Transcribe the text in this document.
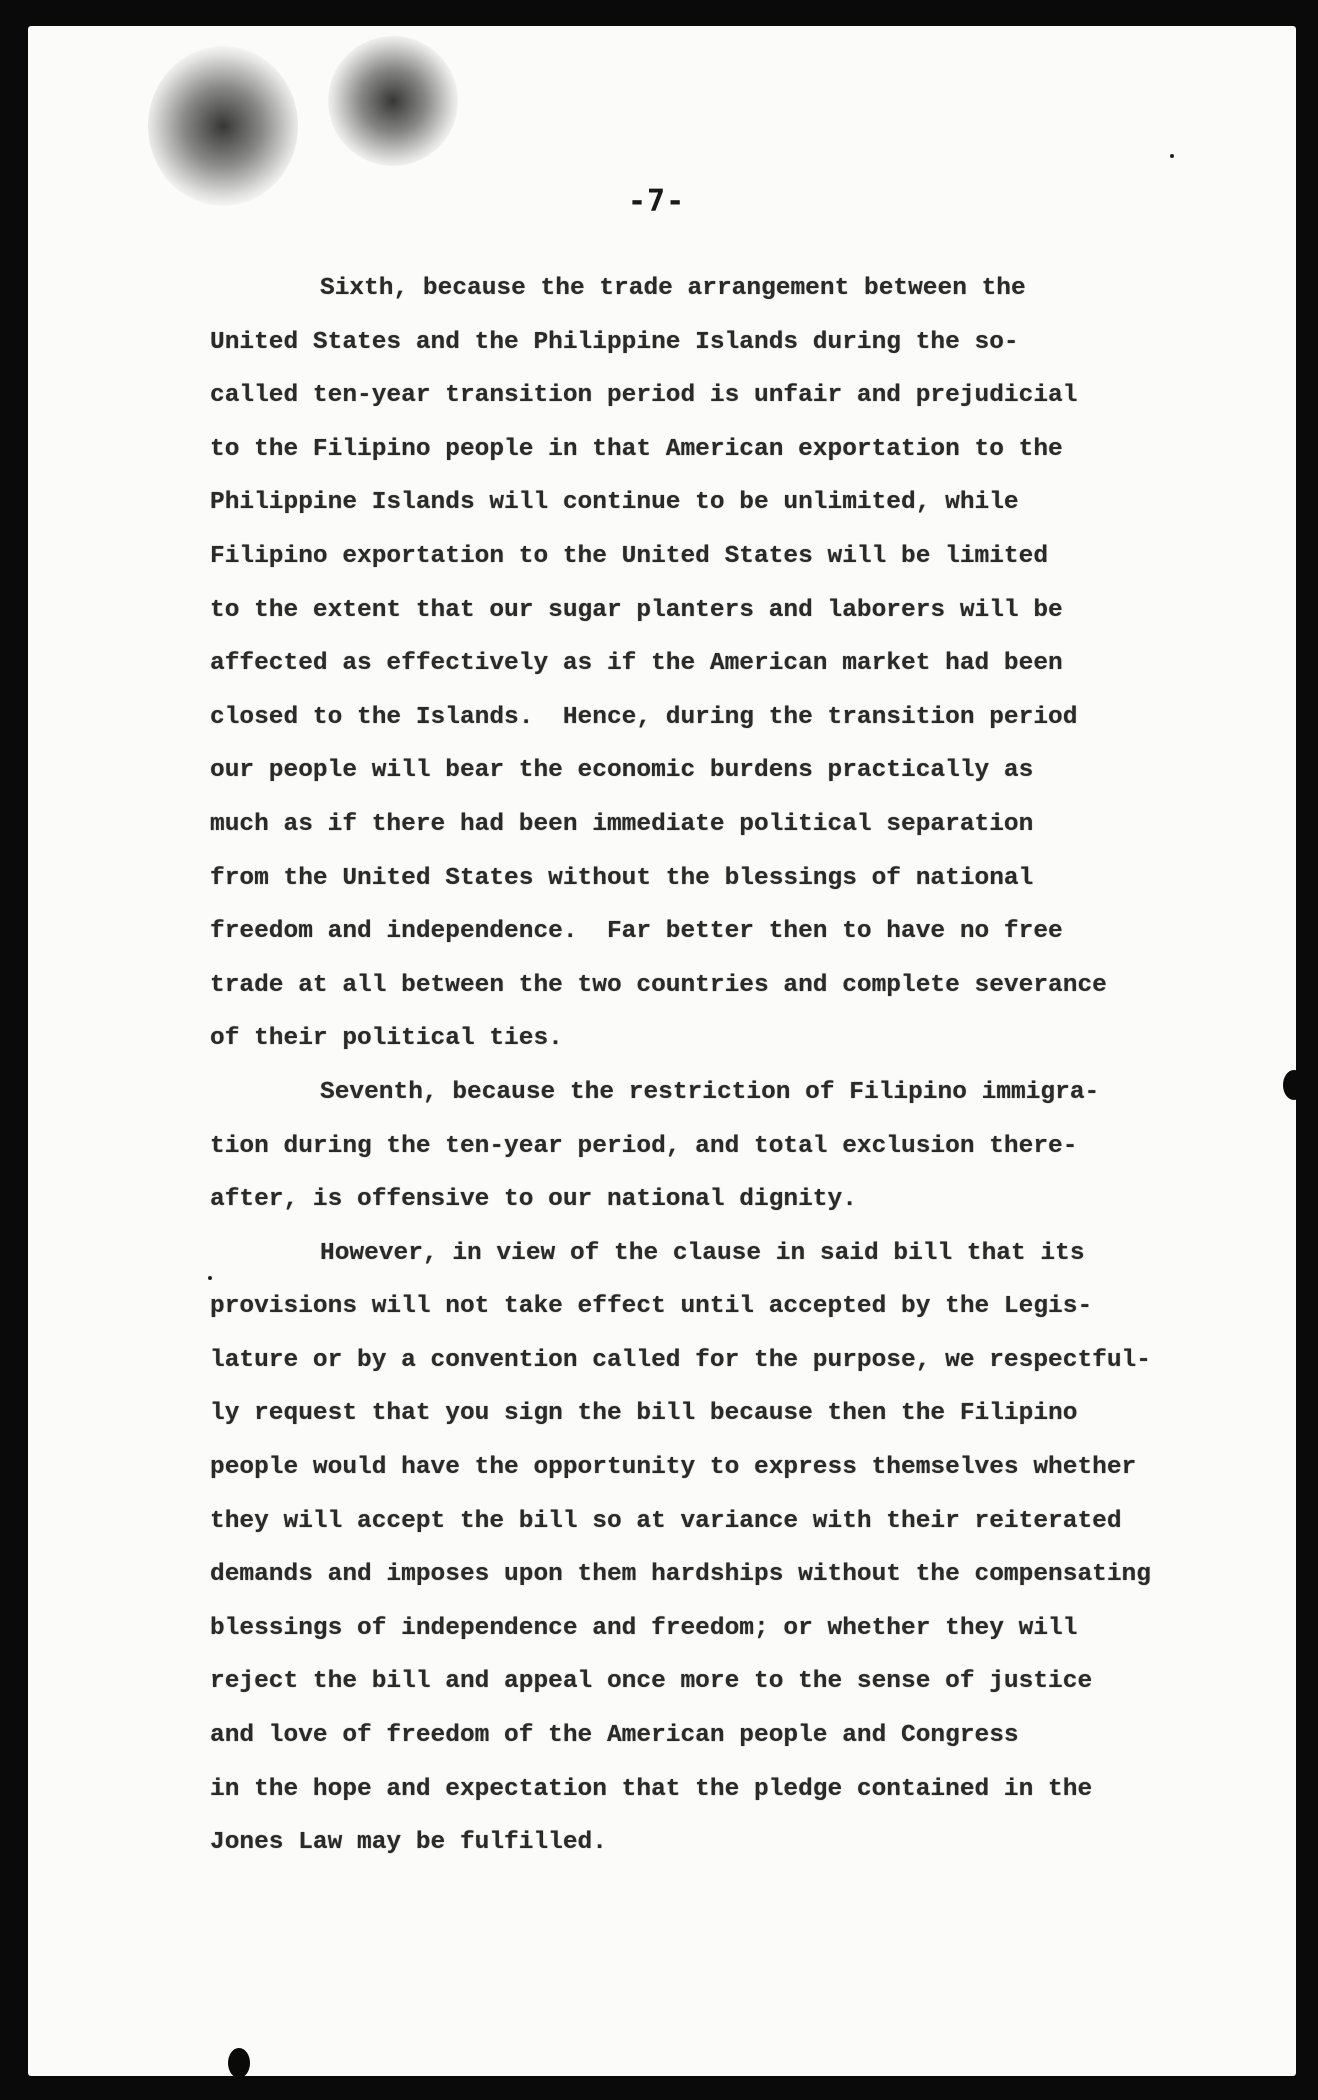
-7-
Sixth, because the trade arrangement between the
United States and the Philippine Islands during the so-
called ten-year transition period is unfair and prejudicial
to the Filipino people in that American exportation to the
Philippine Islands will continue to be unlimited, while
Filipino exportation to the United States will be limited
to the extent that our sugar planters and laborers will be
affected as effectively as if the American market had been
closed to the Islands.  Hence, during the transition period
our people will bear the economic burdens practically as
much as if there had been immediate political separation
from the United States without the blessings of national
freedom and independence.  Far better then to have no free
trade at all between the two countries and complete severance
of their political ties.
Seventh, because the restriction of Filipino immigra-
tion during the ten-year period, and total exclusion there-
after, is offensive to our national dignity.
However, in view of the clause in said bill that its
provisions will not take effect until accepted by the Legis-
lature or by a convention called for the purpose, we respectful-
ly request that you sign the bill because then the Filipino
people would have the opportunity to express themselves whether
they will accept the bill so at variance with their reiterated
demands and imposes upon them hardships without the compensating
blessings of independence and freedom; or whether they will
reject the bill and appeal once more to the sense of justice
and love of freedom of the American people and Congress
in the hope and expectation that the pledge contained in the
Jones Law may be fulfilled.
